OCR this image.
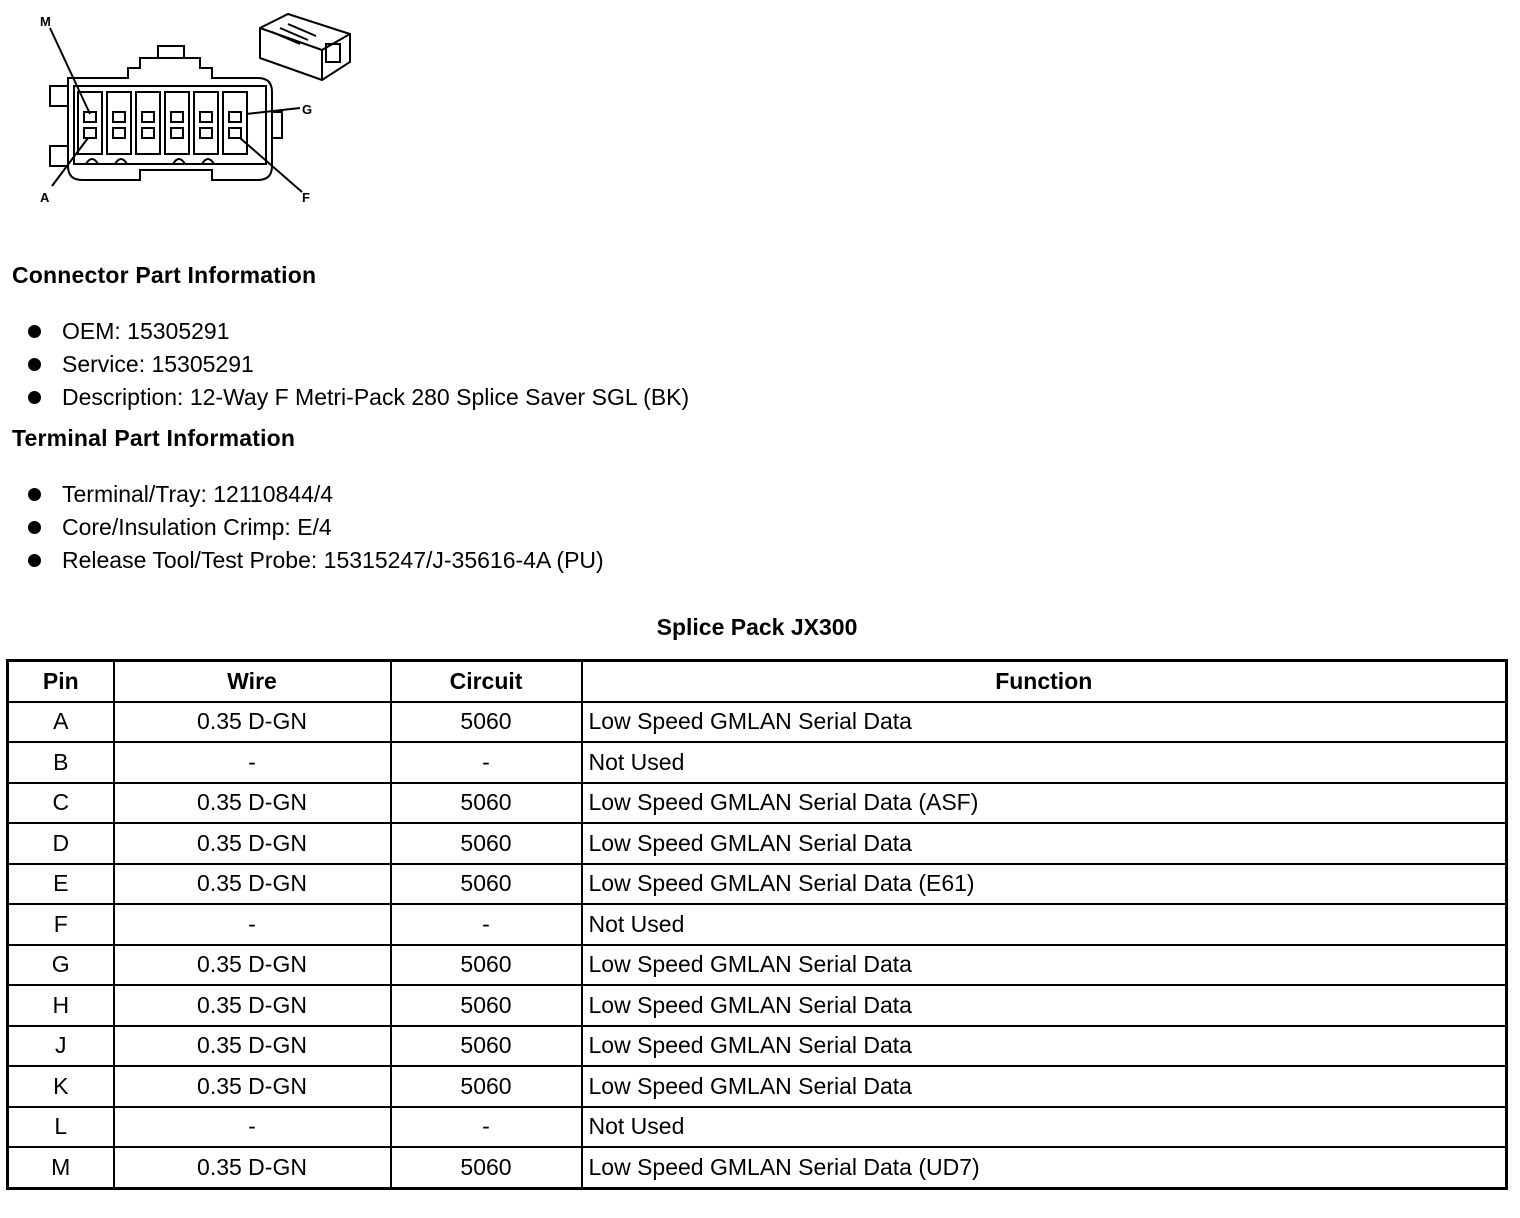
M
G
A	F
Connector Part Information
OEM: 15305291
Service: 15305291
Description: 12-Way F Metri-Pack 280 Splice Saver SGL (BK)
Terminal Part Information
Terminal/Tray: 12110844/4
Core/Insulation Crimp: E/4
Release Tool/Test Probe: 15315247/J-35616-4A (PU)
Splice Pack JX300
Pin	Wire	Circuit	Function
A	0.35 D-GN	5060	Low Speed GMLAN Serial Data
B	-	-	Not Used
C	0.35 D-GN	5060	Low Speed GMLAN Serial Data (ASF)
D	0.35 D-GN	5060	Low Speed GMLAN Serial Data
E	0.35 D-GN	5060	Low Speed GMLAN Serial Data (E61)
F	-	-	Not Used
G	0.35 D-GN	5060	Low Speed GMLAN Serial Data
H	0.35 D-GN	5060	Low Speed GMLAN Serial Data
J	0.35 D-GN	5060	Low Speed GMLAN Serial Data
K	0.35 D-GN	5060	Low Speed GMLAN Serial Data
L	-	-	Not Used
M	0.35 D-GN	5060	Low Speed GMLAN Serial Data (UD7)
